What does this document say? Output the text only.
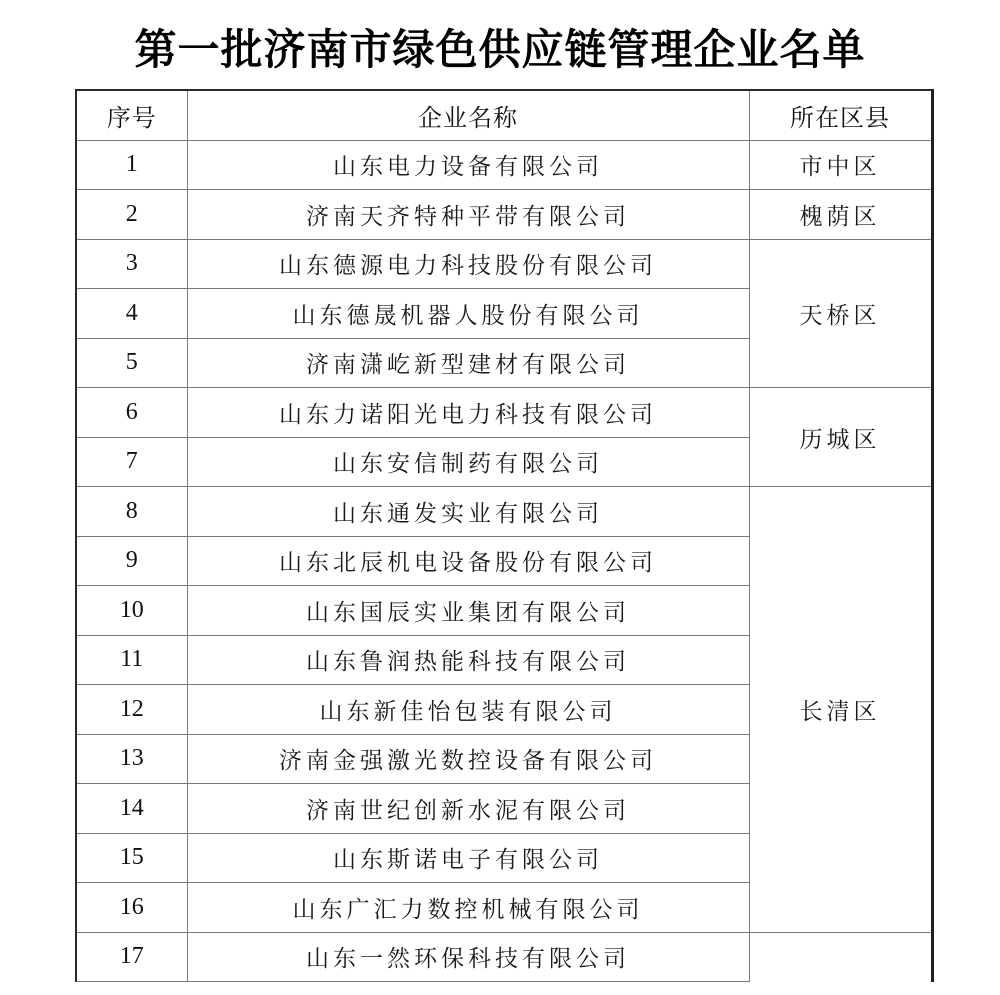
第一批济南市绿色供应链管理企业名单
序号	企业名称	所在区县
1	山东电力设备有限公司	市中区
2	济南天齐特种平带有限公司	槐荫区
3	山东德源电力科技股份有限公司	天桥区
4	山东德晟机器人股份有限公司	
5	济南潇屹新型建材有限公司	
6	山东力诺阳光电力科技有限公司	历城区
7	山东安信制药有限公司	
8	山东通发实业有限公司	长清区
9	山东北辰机电设备股份有限公司	
10	山东国辰实业集团有限公司	
11	山东鲁润热能科技有限公司	
12	山东新佳怡包装有限公司	
13	济南金强激光数控设备有限公司	
14	济南世纪创新水泥有限公司	
15	山东斯诺电子有限公司	
16	山东广汇力数控机械有限公司	
17	山东一然环保科技有限公司	
